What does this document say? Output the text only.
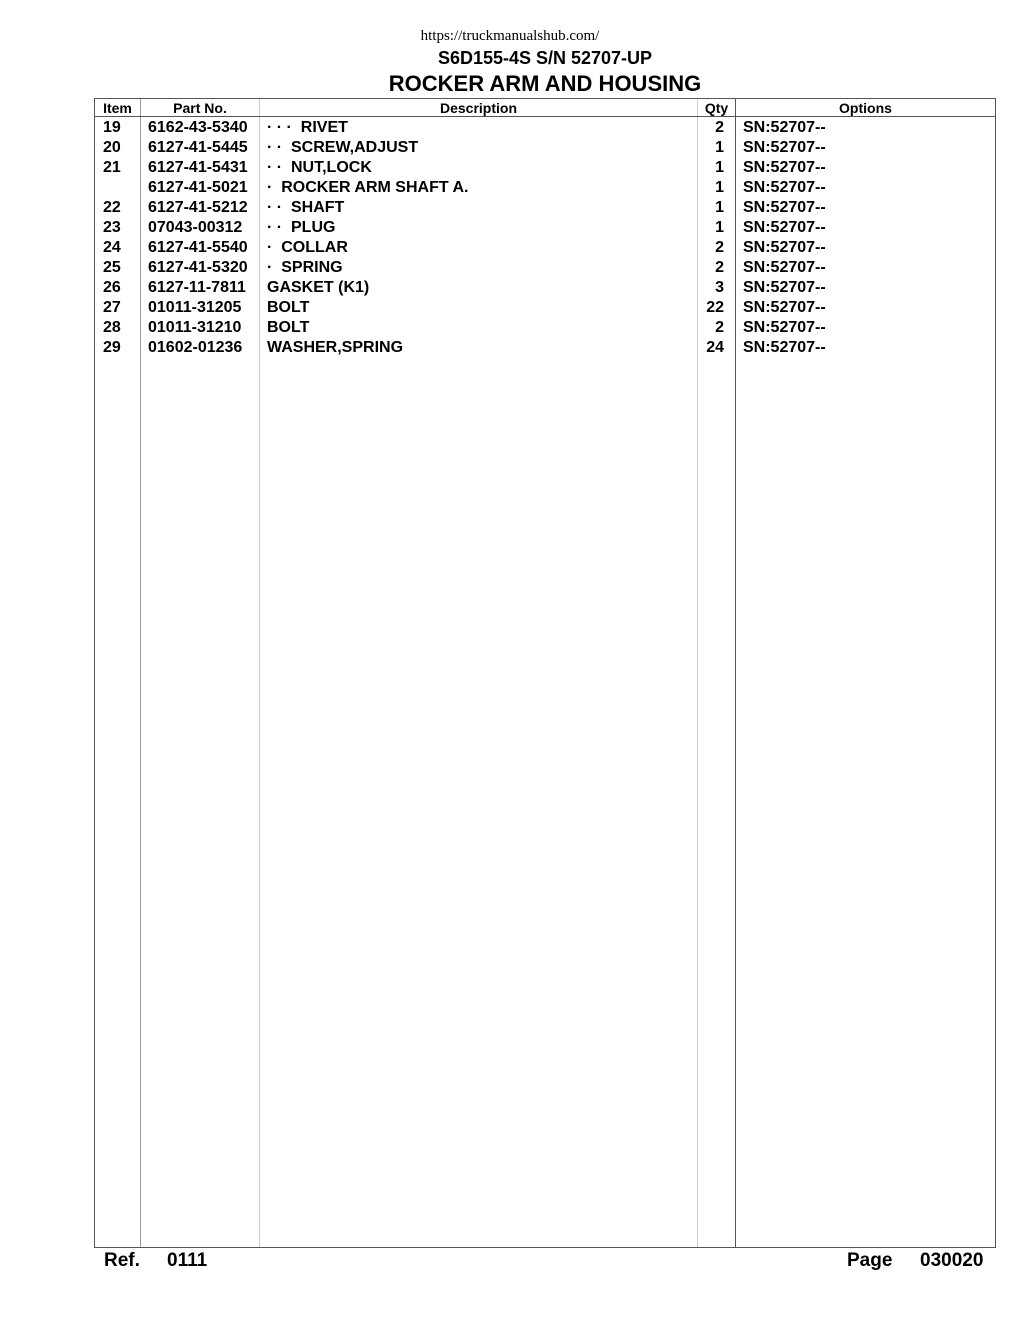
https://truckmanualshub.com/
S6D155-4S S/N 52707-UP
ROCKER ARM AND HOUSING
Item	Part No.	Description	Qty	Options
19 6162-43-5340 · · ·  RIVET	2 SN:52707--
20 6127-41-5445 · ·  SCREW,ADJUST	1 SN:52707--
21 6127-41-5431 · ·  NUT,LOCK	1 SN:52707--
6127-41-5021 ·  ROCKER ARM SHAFT A.	1 SN:52707--
22 6127-41-5212 · ·  SHAFT	1 SN:52707--
23 07043-00312 · ·  PLUG	1 SN:52707--
24 6127-41-5540 ·  COLLAR	2 SN:52707--
25 6127-41-5320 ·  SPRING	2 SN:52707--
26 6127-11-7811 GASKET (K1)	3 SN:52707--
27 01011-31205 BOLT	22 SN:52707--
28 01011-31210 BOLT	2 SN:52707--
29 01602-01236 WASHER,SPRING	24 SN:52707--
Ref. 0111	Page 030020
